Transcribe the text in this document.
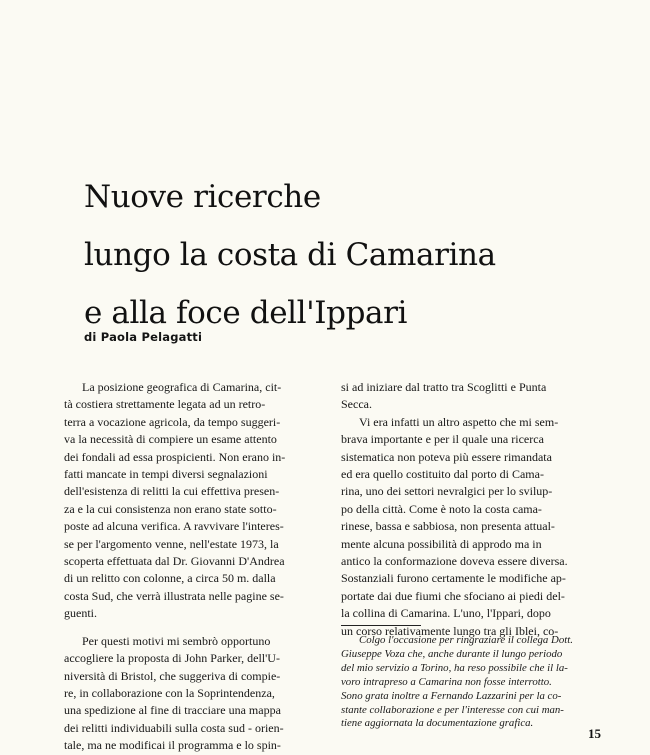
Nuove ricerche
lungo la costa di Camarina
e alla foce dell'Ippari
di Paola Pelagatti

La posizione geografica di Camarina, cit-
tà costiera strettamente legata ad un retro-
terra a vocazione agricola, da tempo suggeri-
va la necessità di compiere un esame attento
dei fondali ad essa prospicienti. Non erano in-
fatti mancate in tempi diversi segnalazioni
dell'esistenza di relitti la cui effettiva presen-
za e la cui consistenza non erano state sotto-
poste ad alcuna verifica. A ravvivare l'interes-
se per l'argomento venne, nell'estate 1973, la
scoperta effettuata dal Dr. Giovanni D'Andrea
di un relitto con colonne, a circa 50 m. dalla
costa Sud, che verrà illustrata nelle pagine se-
guenti.

Per questi motivi mi sembrò opportuno
accogliere la proposta di John Parker, dell'U-
niversità di Bristol, che suggeriva di compie-
re, in collaborazione con la Soprintendenza,
una spedizione al fine di tracciare una mappa
dei relitti individuabili sulla costa sud - orien-
tale, ma ne modificai il programma e lo spin-

si ad iniziare dal tratto tra Scoglitti e Punta
Secca.

Vi era infatti un altro aspetto che mi sem-
brava importante e per il quale una ricerca
sistematica non poteva più essere rimandata
ed era quello costituito dal porto di Cama-
rina, uno dei settori nevralgici per lo svilup-
po della città. Come è noto la costa cama-
rinese, bassa e sabbiosa, non presenta attual-
mente alcuna possibilità di approdo ma in
antico la conformazione doveva essere diversa.
Sostanziali furono certamente le modifiche ap-
portate dai due fiumi che sfociano ai piedi del-
la collina di Camarina. L'uno, l'Ippari, dopo
un corso relativamente lungo tra gli Iblei, co-

Colgo l'occasione per ringraziare il collega Dott.
Giuseppe Voza che, anche durante il lungo periodo
del mio servizio a Torino, ha reso possibile che il la-
voro intrapreso a Camarina non fosse interrotto.
Sono grata inoltre a Fernando Lazzarini per la co-
stante collaborazione e per l'interesse con cui man-
tiene aggiornata la documentazione grafica.
15
